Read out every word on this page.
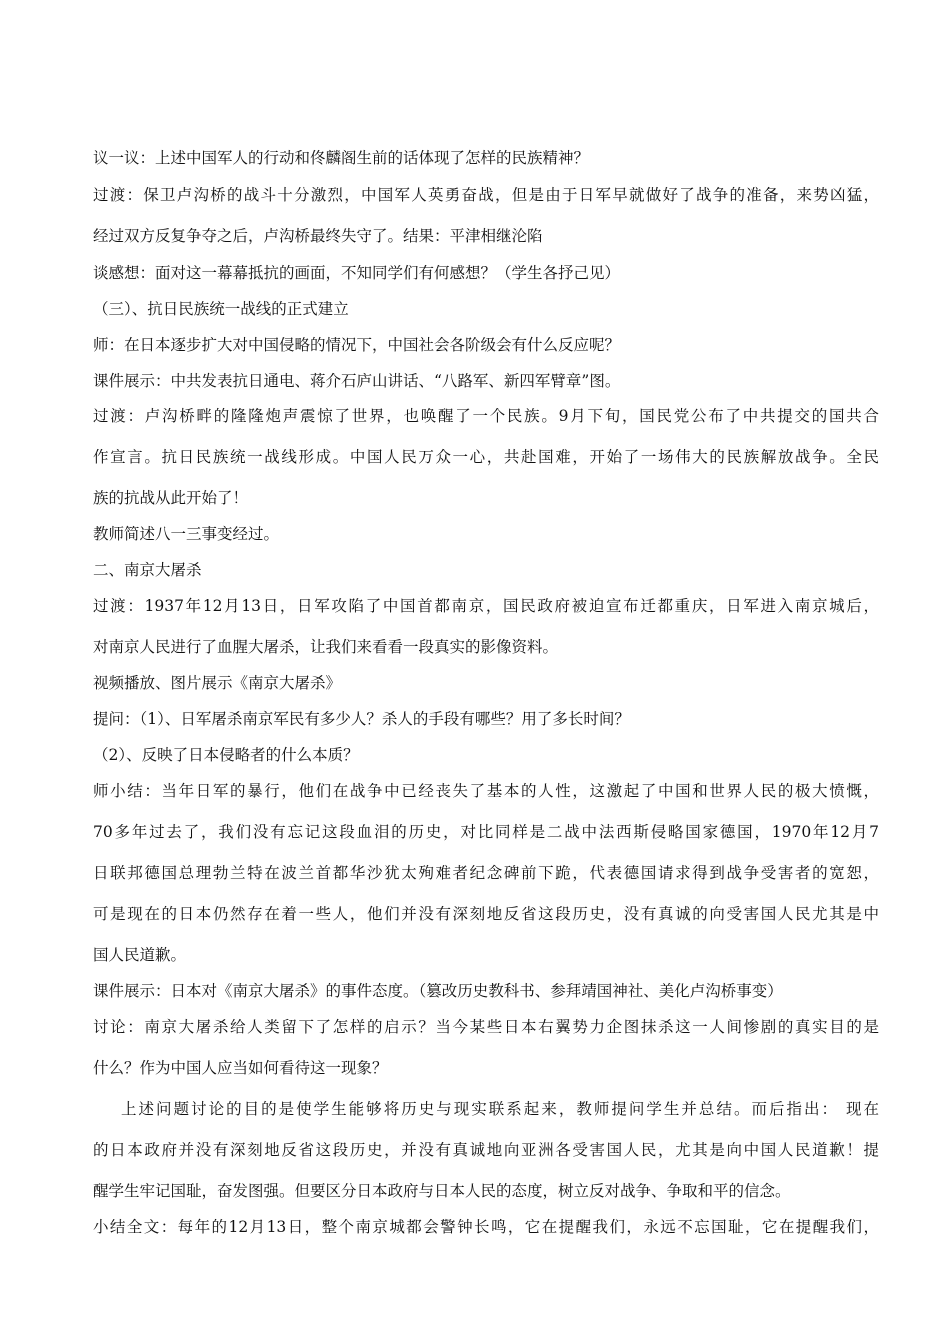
议一议：上述中国军人的行动和佟麟阁生前的话体现了怎样的民族精神？
过渡：保卫卢沟桥的战斗十分激烈，中国军人英勇奋战，但是由于日军早就做好了战争的准备，来势凶猛，
经过双方反复争夺之后，卢沟桥最终失守了。结果：平津相继沦陷
谈感想：面对这一幕幕抵抗的画面，不知同学们有何感想？（学生各抒己见）
（三）、抗日民族统一战线的正式建立
师：在日本逐步扩大对中国侵略的情况下，中国社会各阶级会有什么反应呢？
课件展示：中共发表抗日通电、蒋介石庐山讲话、“八路军、新四军臂章”图。
过渡：卢沟桥畔的隆隆炮声震惊了世界，也唤醒了一个民族。9月下旬，国民党公布了中共提交的国共合
作宣言。抗日民族统一战线形成。中国人民万众一心，共赴国难，开始了一场伟大的民族解放战争。全民
族的抗战从此开始了！
教师简述八一三事变经过。
二、南京大屠杀
过渡：1937年12月13日，日军攻陷了中国首都南京，国民政府被迫宣布迁都重庆，日军进入南京城后，
对南京人民进行了血腥大屠杀，让我们来看看一段真实的影像资料。
视频播放、图片展示《南京大屠杀》
提问：（1）、日军屠杀南京军民有多少人？杀人的手段有哪些？用了多长时间？
（2）、反映了日本侵略者的什么本质？
师小结：当年日军的暴行，他们在战争中已经丧失了基本的人性，这激起了中国和世界人民的极大愤慨，
70多年过去了，我们没有忘记这段血泪的历史，对比同样是二战中法西斯侵略国家德国，1970年12月7
日联邦德国总理勃兰特在波兰首都华沙犹太殉难者纪念碑前下跪，代表德国请求得到战争受害者的宽恕，
可是现在的日本仍然存在着一些人，他们并没有深刻地反省这段历史，没有真诚的向受害国人民尤其是中
国人民道歉。
课件展示：日本对《南京大屠杀》的事件态度。（篡改历史教科书、参拜靖国神社、美化卢沟桥事变）
讨论：南京大屠杀给人类留下了怎样的启示？当今某些日本右翼势力企图抹杀这一人间惨剧的真实目的是
什么？作为中国人应当如何看待这一现象？
上述问题讨论的目的是使学生能够将历史与现实联系起来，教师提问学生并总结。而后指出： 现在
的日本政府并没有深刻地反省这段历史，并没有真诚地向亚洲各受害国人民，尤其是向中国人民道歉！提
醒学生牢记国耻，奋发图强。但要区分日本政府与日本人民的态度，树立反对战争、争取和平的信念。
小结全文：每年的12月13日，整个南京城都会警钟长鸣，它在提醒我们，永远不忘国耻，它在提醒我们，
